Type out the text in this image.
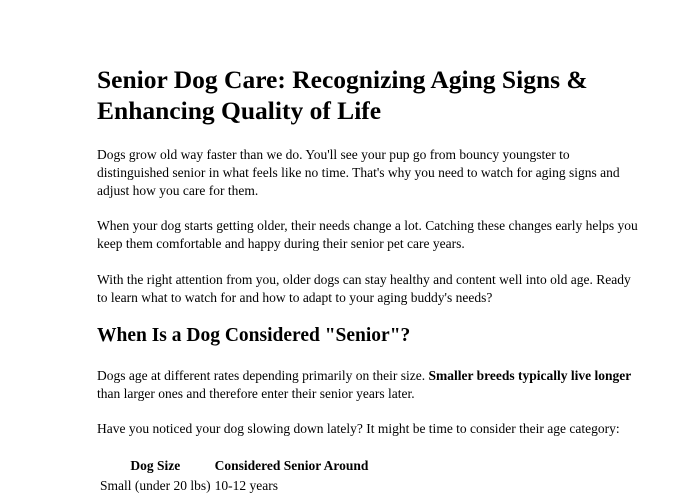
Senior Dog Care: Recognizing Aging Signs & Enhancing Quality of Life

Dogs grow old way faster than we do. You'll see your pup go from bouncy youngster to distinguished senior in what feels like no time. That's why you need to watch for aging signs and adjust how you care for them.

When your dog starts getting older, their needs change a lot. Catching these changes early helps you keep them comfortable and happy during their senior pet care years.

With the right attention from you, older dogs can stay healthy and content well into old age. Ready to learn what to watch for and how to adapt to your aging buddy's needs?

When Is a Dog Considered "Senior"?

Dogs age at different rates depending primarily on their size. Smaller breeds typically live longer than larger ones and therefore enter their senior years later.

Have you noticed your dog slowing down lately? It might be time to consider their age category:

Dog Size	Considered Senior Around
Small (under 20 lbs)	10-12 years
